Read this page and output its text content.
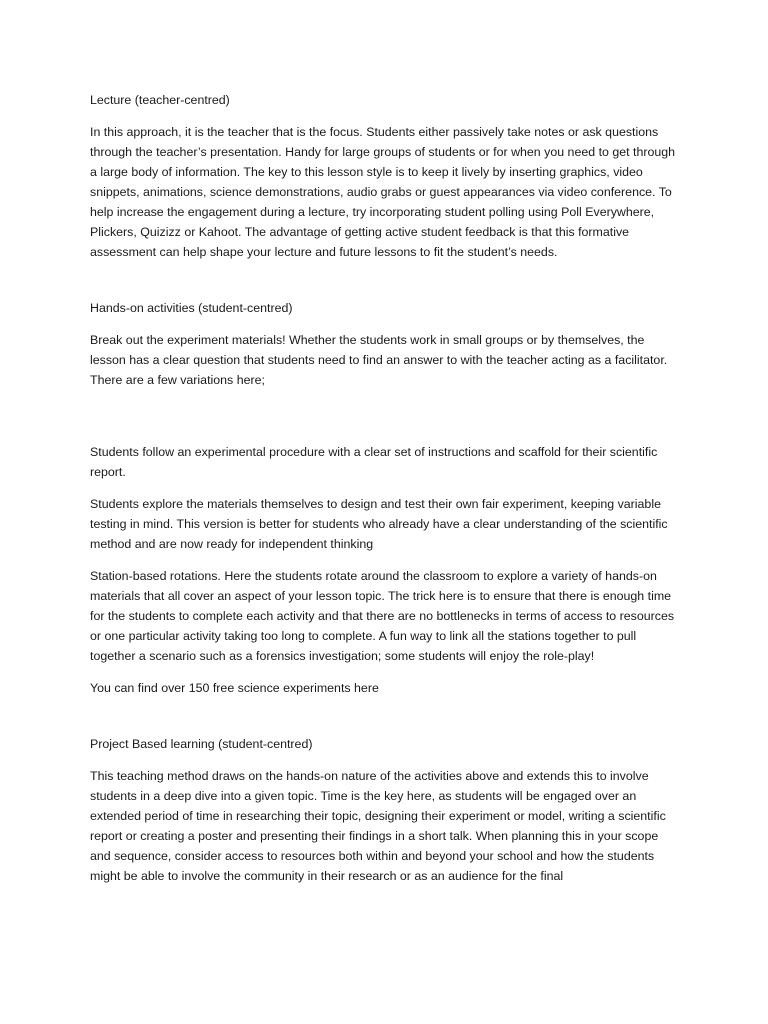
Lecture (teacher-centred)

In this approach, it is the teacher that is the focus. Students either passively take notes or ask questions through the teacher’s presentation. Handy for large groups of students or for when you need to get through a large body of information. The key to this lesson style is to keep it lively by inserting graphics, video snippets, animations, science demonstrations, audio grabs or guest appearances via video conference. To help increase the engagement during a lecture, try incorporating student polling using Poll Everywhere, Plickers, Quizizz or Kahoot. The advantage of getting active student feedback is that this formative assessment can help shape your lecture and future lessons to fit the student’s needs.

Hands-on activities (student-centred)

Break out the experiment materials! Whether the students work in small groups or by themselves, the lesson has a clear question that students need to find an answer to with the teacher acting as a facilitator. There are a few variations here;

Students follow an experimental procedure with a clear set of instructions and scaffold for their scientific report.

Students explore the materials themselves to design and test their own fair experiment, keeping variable testing in mind. This version is better for students who already have a clear understanding of the scientific method and are now ready for independent thinking

Station-based rotations. Here the students rotate around the classroom to explore a variety of hands-on materials that all cover an aspect of your lesson topic. The trick here is to ensure that there is enough time for the students to complete each activity and that there are no bottlenecks in terms of access to resources or one particular activity taking too long to complete. A fun way to link all the stations together to pull together a scenario such as a forensics investigation; some students will enjoy the role-play!

You can find over 150 free science experiments here

Project Based learning (student-centred)

This teaching method draws on the hands-on nature of the activities above and extends this to involve students in a deep dive into a given topic. Time is the key here, as students will be engaged over an extended period of time in researching their topic, designing their experiment or model, writing a scientific report or creating a poster and presenting their findings in a short talk. When planning this in your scope and sequence, consider access to resources both within and beyond your school and how the students might be able to involve the community in their research or as an audience for the final
